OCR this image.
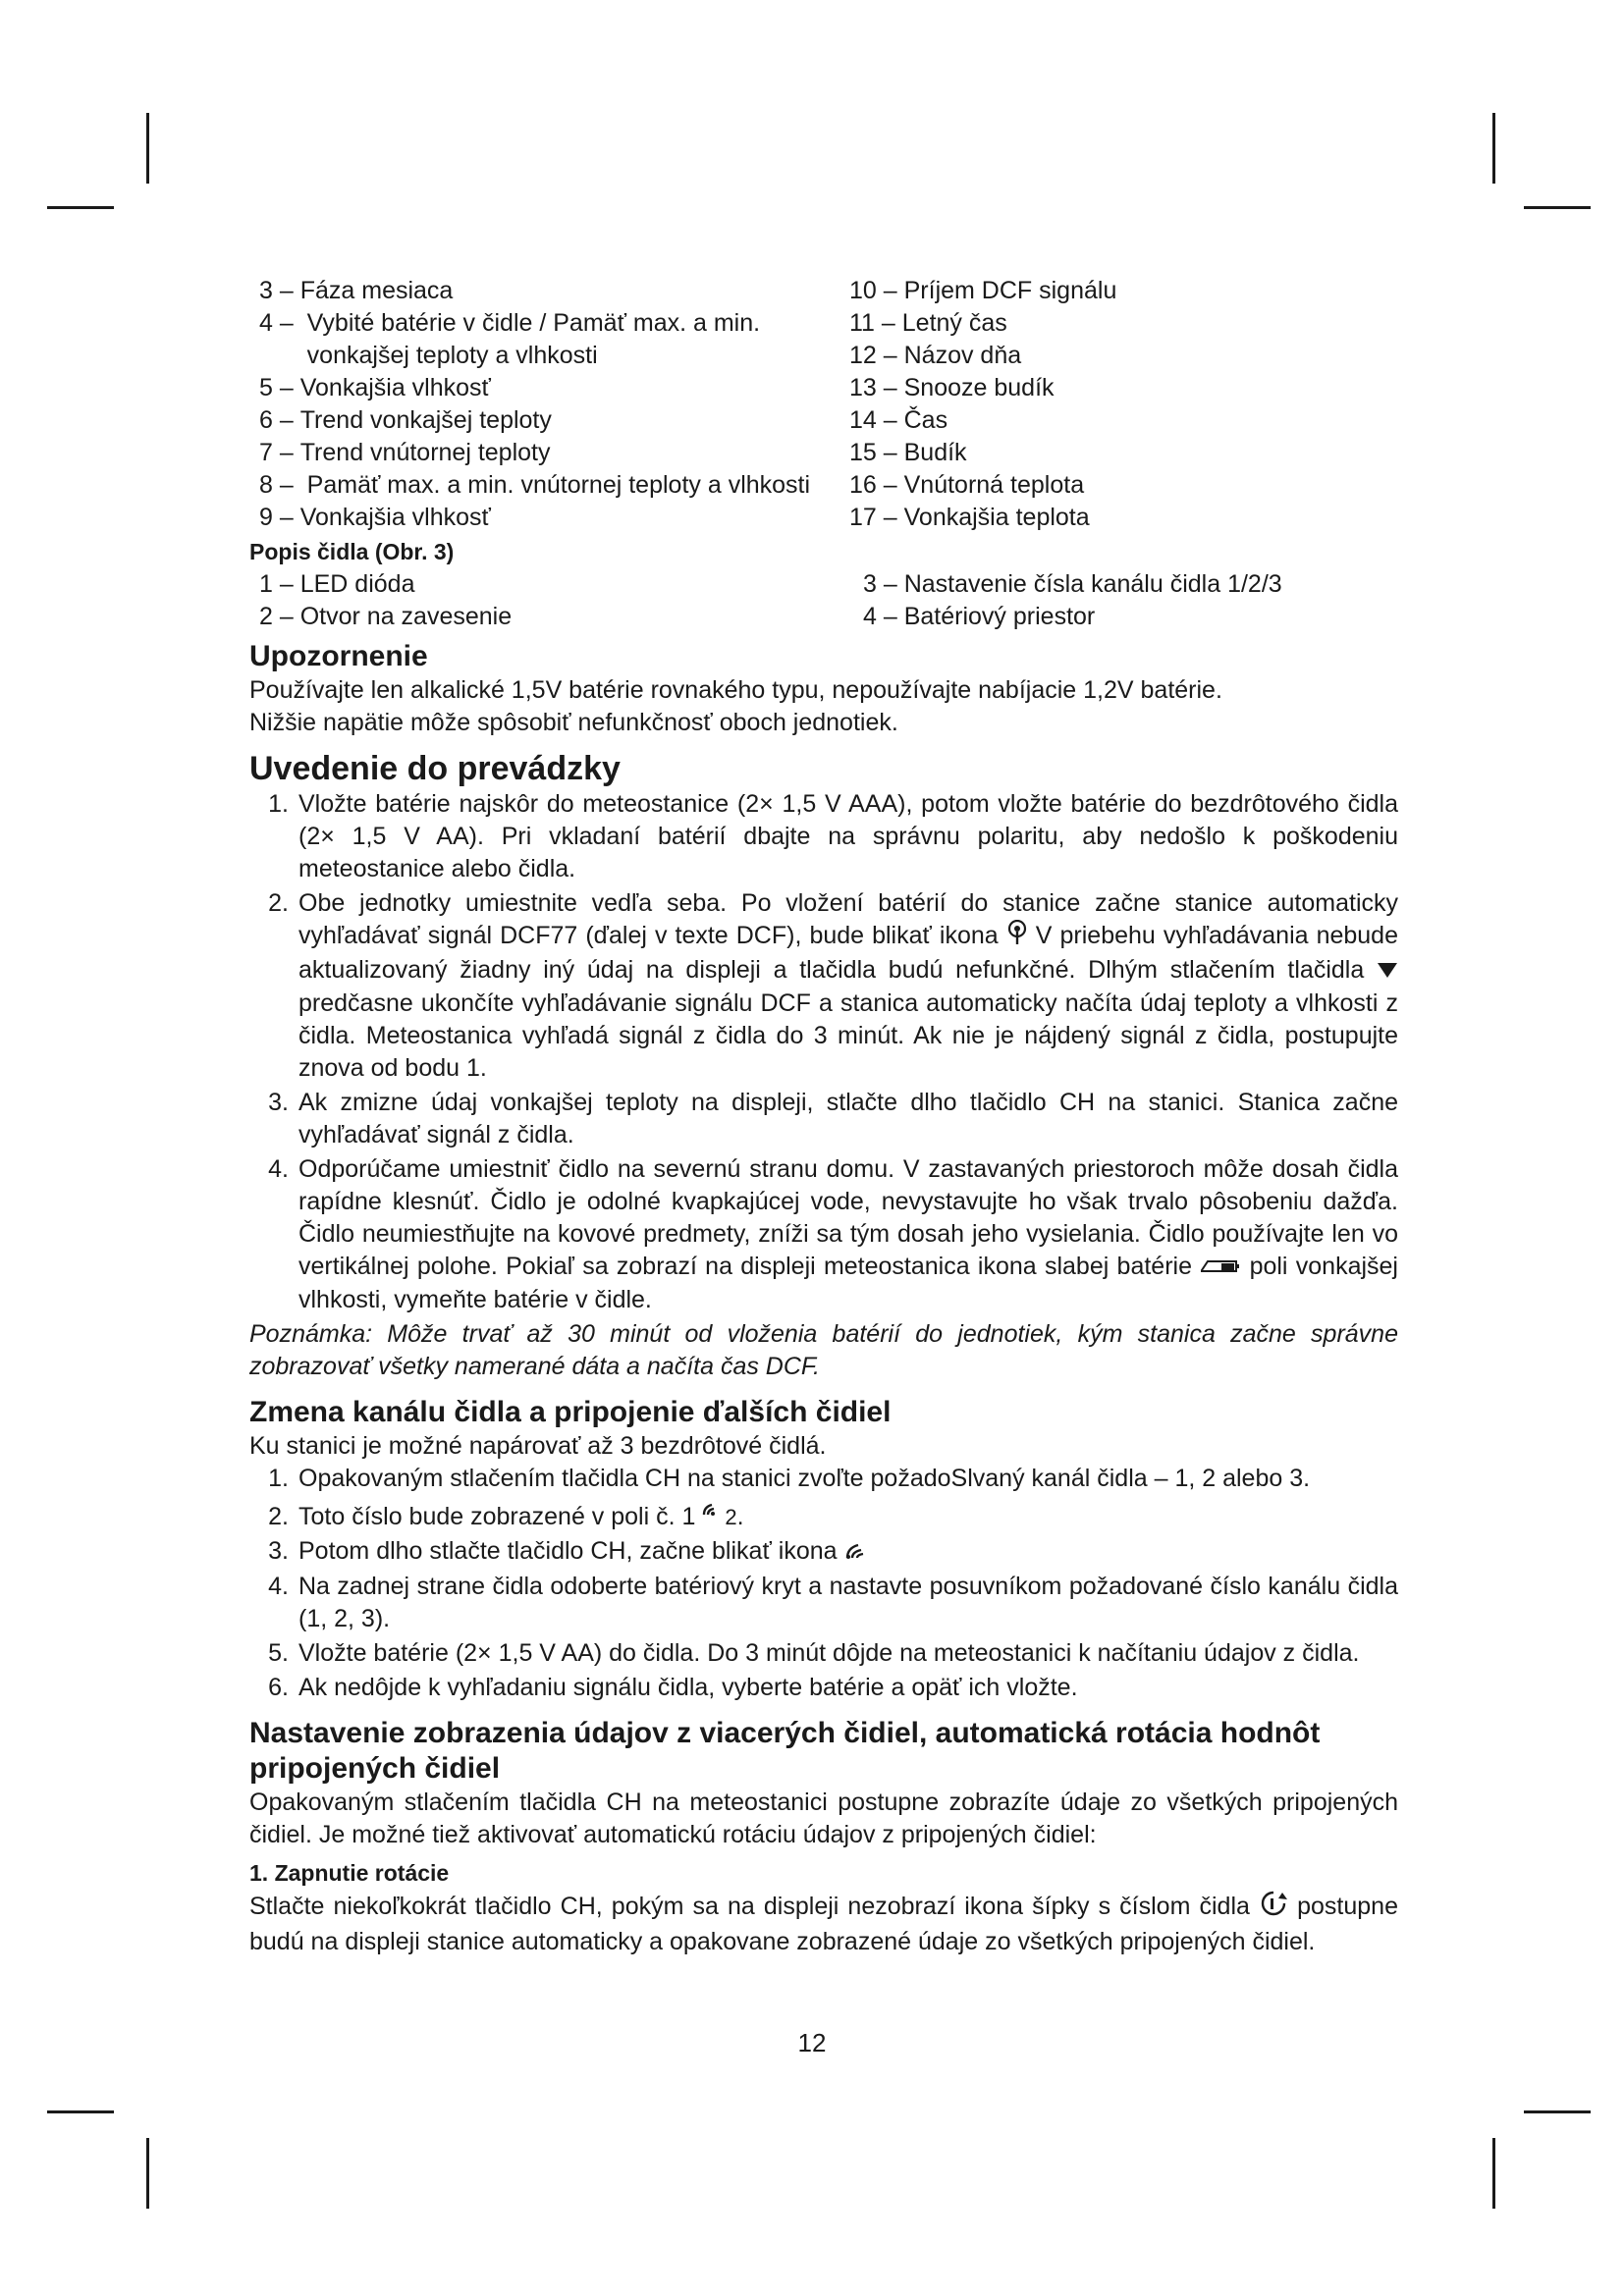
3 –
Fáza mesiaca
4 –
Vybité batérie v čidle / Pamäť max. a min. vonkajšej teploty a vlhkosti
5 –
Vonkajšia vlhkosť
6 –
Trend vonkajšej teploty
7 –
Trend vnútornej teploty
8 –
Pamäť max. a min. vnútornej teploty a vlhkosti
9 –
Vonkajšia vlhkosť
10 –
Príjem DCF signálu
11 –
Letný čas
12 –
Názov dňa
13 –
Snooze budík
14 –
Čas
15 –
Budík
16 –
Vnútorná teplota
17 –
Vonkajšia teplota
Popis čidla (Obr. 3)
1 –
LED dióda
2 –
Otvor na zavesenie
3 –
Nastavenie čísla kanálu čidla 1/2/3
4 –
Batériový priestor
Upozornenie

Používajte len alkalické 1,5V batérie rovnakého typu, nepoužívajte nabíjacie 1,2V batérie.

Nižšie napätie môže spôsobiť nefunkčnosť oboch jednotiek.

Uvedenie do prevádzky
1. Vložte batérie najskôr do meteostanice (2× 1,5 V AAA), potom vložte batérie do bezdrôtového čidla (2× 1,5 V AA). Pri vkladaní batérií dbajte na správnu polaritu, aby nedošlo k poškodeniu meteostanice alebo čidla.
2. Obe jednotky umiestnite vedľa seba. Po vložení batérií do stanice začne stanice automaticky vyhľadávať signál DCF77 (ďalej v texte DCF), bude blikať ikona V priebehu vyhľadávania nebude aktualizovaný žiadny iný údaj na displeji a tlačidla budú nefunkčné. Dlhým stlačením tlačidla  predčasne ukončíte vyhľadávanie signálu DCF a stanica automaticky načíta údaj teploty a vlhkosti z čidla. Meteostanica vyhľadá signál z čidla do 3 minút. Ak nie je nájdený signál z čidla, postupujte znova od bodu 1.
3. Ak zmizne údaj vonkajšej teploty na displeji, stlačte dlho tlačidlo CH na stanici. Stanica začne vyhľadávať signál z čidla.
4. Odporúčame umiestniť čidlo na severnú stranu domu. V zastavaných priestoroch môže dosah čidla rapídne klesnúť. Čidlo je odolné kvapkajúcej vode, nevystavujte ho však trvalo pôsobeniu dažďa. Čidlo neumiestňujte na kovové predmety, zníži sa tým dosah jeho vysielania. Čidlo používajte len vo vertikálnej polohe. Pokiaľ sa zobrazí na displeji meteostanica ikona slabej batérie poli vonkajšej vlhkosti, vymeňte batérie v čidle.

Poznámka: Môže trvať až 30 minút od vloženia batérií do jednotiek, kým stanica začne správne zobrazovať všetky namerané dáta a načíta čas DCF.

Zmena kanálu čidla a pripojenie ďalších čidiel

Ku stanici je možné napárovať až 3 bezdrôtové čidlá.

1. Opakovaným stlačením tlačidla CH na stanici zvoľte požadoSlvaný kanál čidla – 1, 2 alebo 3.
2. Toto číslo bude zobrazené v poli č. 1 2.
3. Potom dlho stlačte tlačidlo CH, začne blikať ikona
4. Na zadnej strane čidla odoberte batériový kryt a nastavte posuvníkom požadované číslo kanálu čidla (1, 2, 3).
5. Vložte batérie (2× 1,5 V AA) do čidla. Do 3 minút dôjde na meteostanici k načítaniu údajov z čidla.
6. Ak nedôjde k vyhľadaniu signálu čidla, vyberte batérie a opäť ich vložte.
Nastavenie zobrazenia údajov z viacerých čidiel, automatická rotácia hodnôt pripojených čidiel

Opakovaným stlačením tlačidla CH na meteostanici postupne zobrazíte údaje zo všetkých pripojených čidiel. Je možné tiež aktivovať automatickú rotáciu údajov z pripojených čidiel:

1. Zapnutie rotácie

Stlačte niekoľkokrát tlačidlo CH, pokým sa na displeji nezobrazí ikona šípky s číslom čidla postupne budú na displeji stanice automaticky a opakovane zobrazené údaje zo všetkých pripojených čidiel.

12
